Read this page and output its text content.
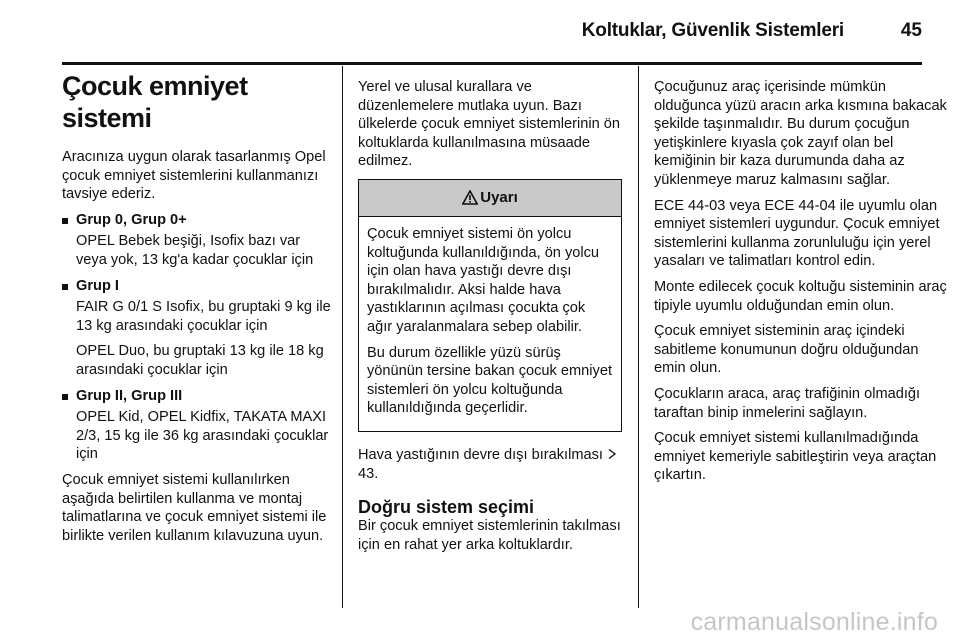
Koltuklar, Güvenlik Sistemleri	45
Çocuk emniyet sistemi

Aracınıza uygun olarak tasarlanmış Opel çocuk emniyet sistemlerini kullanmanızı tavsiye ederiz.

Grup 0, Grup 0+

OPEL Bebek beşiği, Isofix bazı var veya yok, 13 kg'a kadar çocuklar için

Grup I

FAIR G 0/1 S Isofix, bu gruptaki 9 kg ile 13 kg arasındaki çocuklar için

OPEL Duo, bu gruptaki 13 kg ile 18 kg arasındaki çocuklar için

Grup II, Grup III

OPEL Kid, OPEL Kidfix, TAKATA MAXI 2/3, 15 kg ile 36 kg arasındaki çocuklar için

Çocuk emniyet sistemi kullanılırken aşağıda belirtilen kullanma ve montaj talimatlarına ve çocuk emniyet sistemi ile birlikte verilen kullanım kılavuzuna uyun.

Yerel ve ulusal kurallara ve düzenlemelere mutlaka uyun. Bazı ülkelerde çocuk emniyet sistemlerinin ön koltuklarda kullanılmasına müsaade edilmez.

Uyarı

Çocuk emniyet sistemi ön yolcu koltuğunda kullanıldığında, ön yolcu için olan hava yastığı devre dışı bırakılmalıdır. Aksi halde hava yastıklarının açılması çocukta çok ağır yaralanmalara sebep olabilir.

Bu durum özellikle yüzü sürüş yönünün tersine bakan çocuk emniyet sistemleri ön yolcu koltuğunda kullanıldığında geçerlidir.

Hava yastığının devre dışı bırakılması  43.

Doğru sistem seçimi

Bir çocuk emniyet sistemlerinin takılması için en rahat yer arka koltuklardır.

Çocuğunuz araç içerisinde mümkün olduğunca yüzü aracın arka kısmına bakacak şekilde taşınmalıdır. Bu durum çocuğun yetişkinlere kıyasla çok zayıf olan bel kemiğinin bir kaza durumunda daha az yüklenmeye maruz kalmasını sağlar.

ECE 44-03 veya ECE 44-04 ile uyumlu olan emniyet sistemleri uygundur. Çocuk emniyet sistemlerini kullanma zorunluluğu için yerel yasaları ve talimatları kontrol edin.

Monte edilecek çocuk koltuğu sisteminin araç tipiyle uyumlu olduğundan emin olun.

Çocuk emniyet sisteminin araç içindeki sabitleme konumunun doğru olduğundan emin olun.

Çocukların araca, araç trafiğinin olmadığı taraftan binip inmelerini sağlayın.

Çocuk emniyet sistemi kullanılmadığında emniyet kemeriyle sabitleştirin veya araçtan çıkartın.

carmanualsonline.info
